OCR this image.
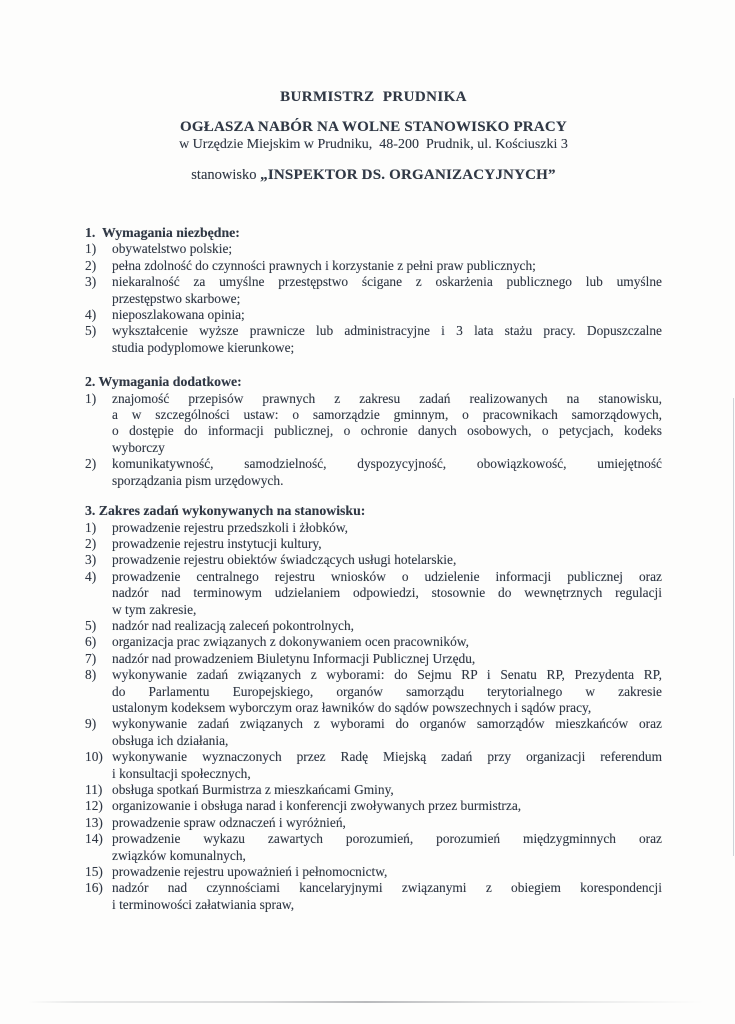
BURMISTRZ  PRUDNIKA
OGŁASZA NABÓR NA WOLNE STANOWISKO PRACY
w Urzędzie Miejskim w Prudniku,  48-200  Prudnik, ul. Kościuszki 3
stanowisko „INSPEKTOR DS. ORGANIZACYJNYCH”
1.  Wymagania niezbędne:
1)	obywatelstwo polskie;
2)	pełna zdolność do czynności prawnych i korzystanie z pełni praw publicznych;
3)	niekaralność za umyślne przestępstwo ścigane z oskarżenia publicznego lub umyślne
przestępstwo skarbowe;
4)	nieposzlakowana opinia;
5)	wykształcenie wyższe prawnicze lub administracyjne i 3 lata stażu pracy. Dopuszczalne
studia podyplomowe kierunkowe;
2. Wymagania dodatkowe:
1)	znajomość przepisów prawnych z zakresu zadań realizowanych na stanowisku,
a w szczególności ustaw: o samorządzie gminnym, o pracownikach samorządowych,
o dostępie do informacji publicznej, o ochronie danych osobowych, o petycjach, kodeks
wyborczy
2)	komunikatywność, samodzielność, dyspozycyjność, obowiązkowość, umiejętność
sporządzania pism urzędowych.
3. Zakres zadań wykonywanych na stanowisku:
1)	prowadzenie rejestru przedszkoli i żłobków,
2)	prowadzenie rejestru instytucji kultury,
3)	prowadzenie rejestru obiektów świadczących usługi hotelarskie,
4)	prowadzenie centralnego rejestru wniosków o udzielenie informacji publicznej oraz
nadzór nad terminowym udzielaniem odpowiedzi, stosownie do wewnętrznych regulacji
w tym zakresie,
5)	nadzór nad realizacją zaleceń pokontrolnych,
6)	organizacja prac związanych z dokonywaniem ocen pracowników,
7)	nadzór nad prowadzeniem Biuletynu Informacji Publicznej Urzędu,
8)	wykonywanie zadań związanych z wyborami: do Sejmu RP i Senatu RP, Prezydenta RP,
do Parlamentu Europejskiego, organów samorządu terytorialnego w zakresie
ustalonym kodeksem wyborczym oraz ławników do sądów powszechnych i sądów pracy,
9)	wykonywanie zadań związanych z wyborami do organów samorządów mieszkańców oraz
obsługa ich działania,
10) wykonywanie wyznaczonych przez Radę Miejską zadań przy organizacji referendum
i konsultacji społecznych,
11) obsługa spotkań Burmistrza z mieszkańcami Gminy,
12) organizowanie i obsługa narad i konferencji zwoływanych przez burmistrza,
13) prowadzenie spraw odznaczeń i wyróżnień,
14) prowadzenie wykazu zawartych porozumień, porozumień międzygminnych oraz
związków komunalnych,
15) prowadzenie rejestru upoważnień i pełnomocnictw,
16) nadzór nad czynnościami kancelaryjnymi związanymi z obiegiem korespondencji
i terminowości załatwiania spraw,
